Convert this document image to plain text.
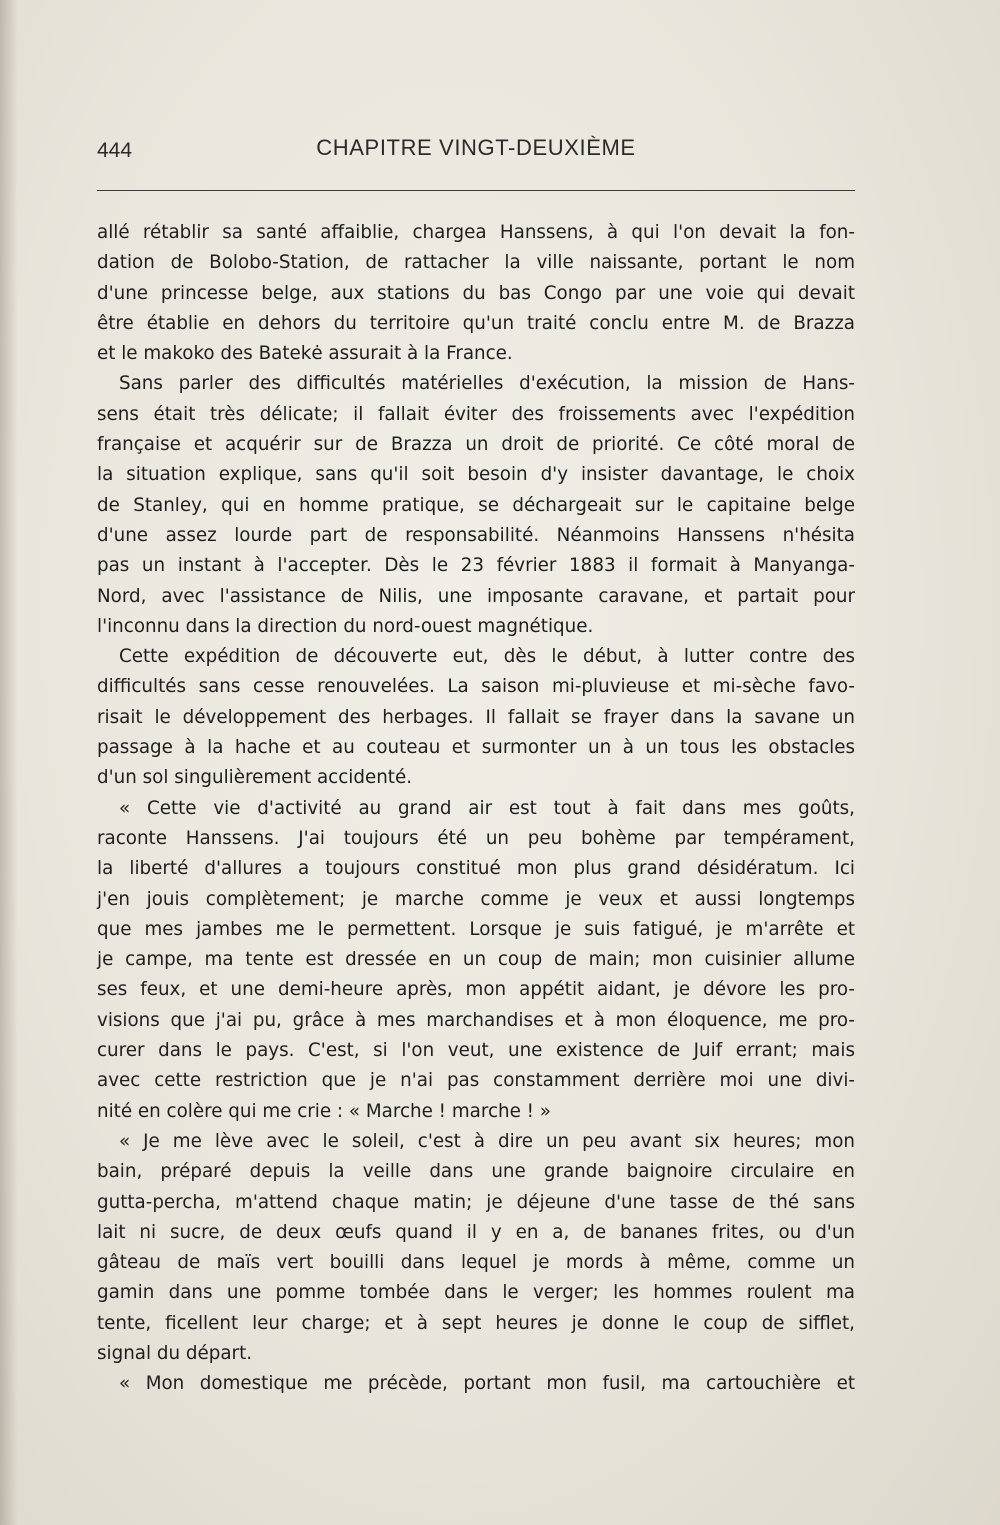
444	CHAPITRE VINGT-DEUXIÈME
allé rétablir sa santé affaiblie, chargea Hanssens, à qui l'on devait la fon-
dation de Bolobo-Station, de rattacher la ville naissante, portant le nom
d'une princesse belge, aux stations du bas Congo par une voie qui devait
être établie en dehors du territoire qu'un traité conclu entre M. de Brazza
et le makoko des Batekė assurait à la France.
Sans parler des difficultés matérielles d'exécution, la mission de Hans-
sens était très délicate; il fallait éviter des froissements avec l'expédition
française et acquérir sur de Brazza un droit de priorité. Ce côté moral de
la situation explique, sans qu'il soit besoin d'y insister davantage, le choix
de Stanley, qui en homme pratique, se déchargeait sur le capitaine belge
d'une assez lourde part de responsabilité. Néanmoins Hanssens n'hésita
pas un instant à l'accepter. Dès le 23 février 1883 il formait à Manyanga-
Nord, avec l'assistance de Nilis, une imposante caravane, et partait pour
l'inconnu dans la direction du nord-ouest magnétique.
Cette expédition de découverte eut, dès le début, à lutter contre des
difficultés sans cesse renouvelées. La saison mi-pluvieuse et mi-sèche favo-
risait le développement des herbages. Il fallait se frayer dans la savane un
passage à la hache et au couteau et surmonter un à un tous les obstacles
d'un sol singulièrement accidenté.
« Cette vie d'activité au grand air est tout à fait dans mes goûts,
raconte Hanssens. J'ai toujours été un peu bohème par tempérament,
la liberté d'allures a toujours constitué mon plus grand désidératum. Ici
j'en jouis complètement; je marche comme je veux et aussi longtemps
que mes jambes me le permettent. Lorsque je suis fatigué, je m'arrête et
je campe, ma tente est dressée en un coup de main; mon cuisinier allume
ses feux, et une demi-heure après, mon appétit aidant, je dévore les pro-
visions que j'ai pu, grâce à mes marchandises et à mon éloquence, me pro-
curer dans le pays. C'est, si l'on veut, une existence de Juif errant; mais
avec cette restriction que je n'ai pas constamment derrière moi une divi-
nité en colère qui me crie : « Marche ! marche ! »
« Je me lève avec le soleil, c'est à dire un peu avant six heures; mon
bain, préparé depuis la veille dans une grande baignoire circulaire en
gutta-percha, m'attend chaque matin; je déjeune d'une tasse de thé sans
lait ni sucre, de deux œufs quand il y en a, de bananes frites, ou d'un
gâteau de maïs vert bouilli dans lequel je mords à même, comme un
gamin dans une pomme tombée dans le verger; les hommes roulent ma
tente, ficellent leur charge; et à sept heures je donne le coup de sifflet,
signal du départ.
« Mon domestique me précède, portant mon fusil, ma cartouchière et
